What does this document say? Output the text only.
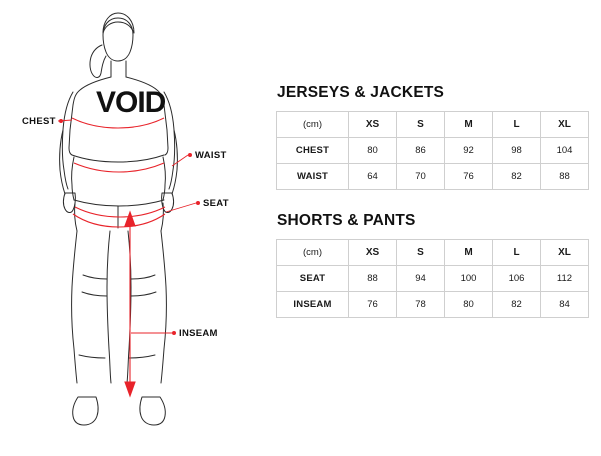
VOID
CHEST
WAIST
SEAT
INSEAM
JERSEYS & JACKETS
(cm)	XS	S	M	L	XL
CHEST	80	86	92	98	104
WAIST	64	70	76	82	88
SHORTS & PANTS
(cm)	XS	S	M	L	XL
SEAT	88	94	100	106	112
INSEAM	76	78	80	82	84
